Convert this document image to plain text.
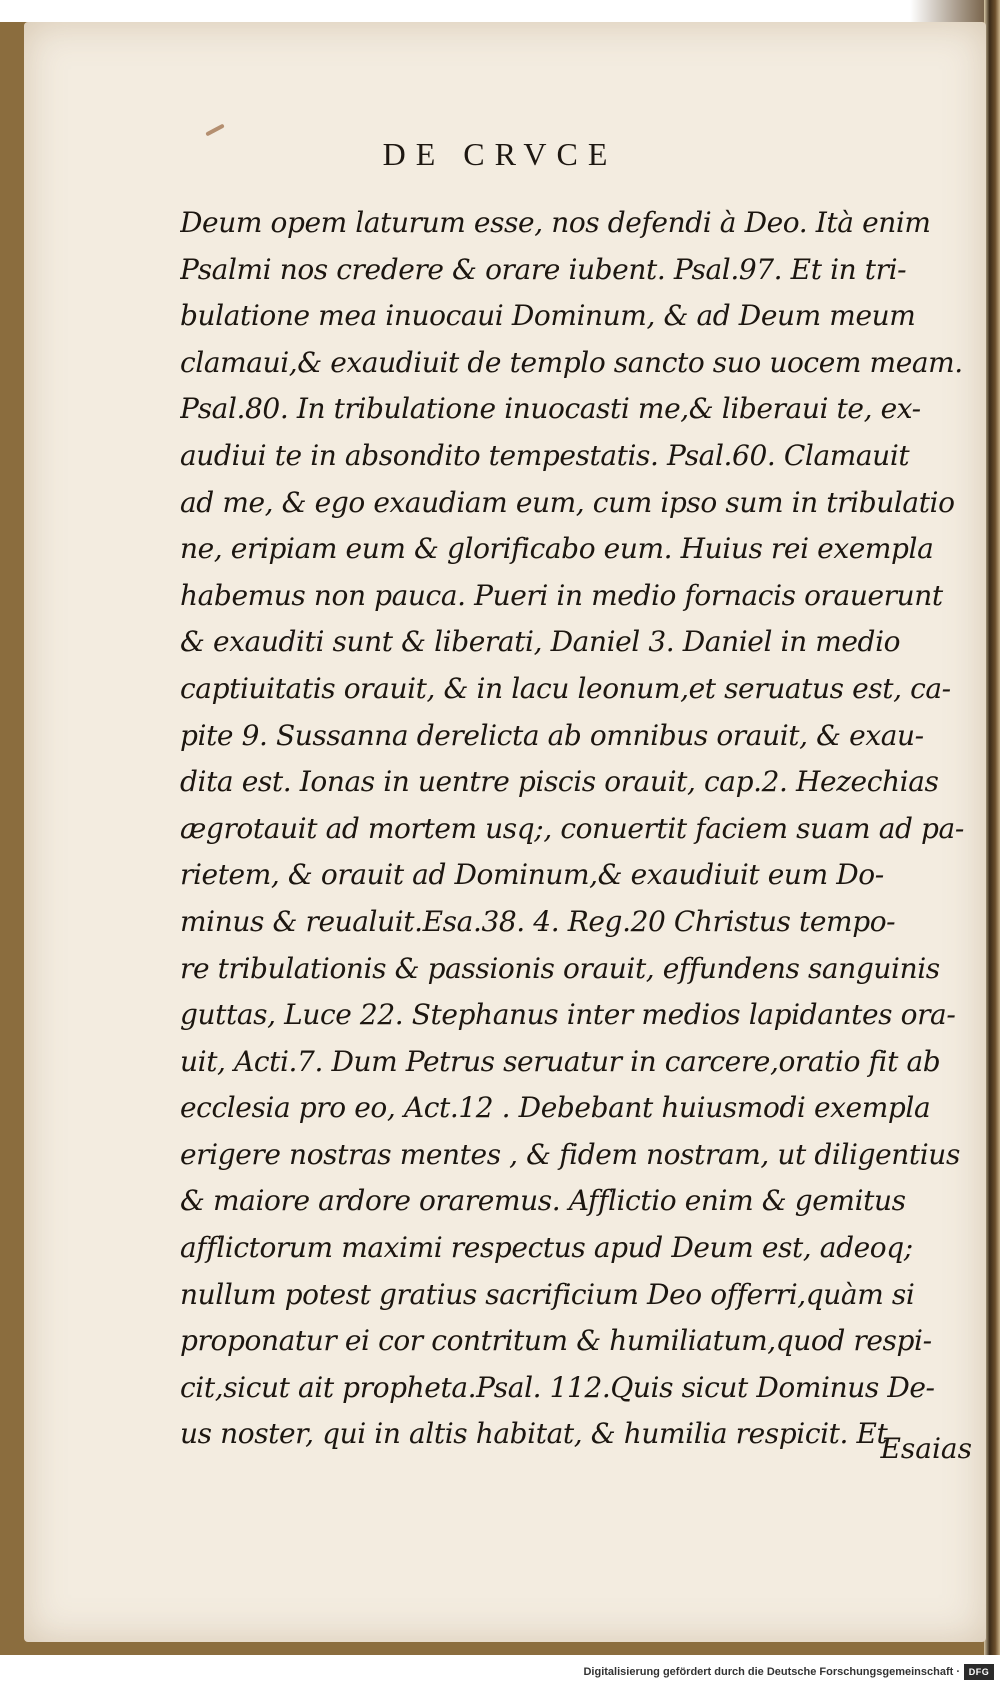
DE CRVCE
Deum opem laturum esse, nos defendi à Deo. Ità enim
Psalmi nos credere & orare iubent. Psal.97. Et in tri-
bulatione mea inuocaui Dominum, & ad Deum meum
clamaui,& exaudiuit de templo sancto suo uocem meam.
Psal.80. In tribulatione inuocasti me,& liberaui te, ex-
audiui te in absondito tempestatis. Psal.60. Clamauit
ad me, & ego exaudiam eum, cum ipso sum in tribulatio
ne, eripiam eum & glorificabo eum. Huius rei exempla
habemus non pauca. Pueri in medio fornacis orauerunt
& exauditi sunt & liberati, Daniel 3. Daniel in medio
captiuitatis orauit, & in lacu leonum,et seruatus est, ca-
pite 9. Sussanna derelicta ab omnibus orauit, & exau-
dita est. Ionas in uentre piscis orauit, cap.2. Hezechias
ægrotauit ad mortem usq;, conuertit faciem suam ad pa-
rietem, & orauit ad Dominum,& exaudiuit eum Do-
minus & reualuit.Esa.38. 4. Reg.20 Christus tempo-
re tribulationis & passionis orauit, effundens sanguinis
guttas, Luce 22. Stephanus inter medios lapidantes ora-
uit, Acti.7. Dum Petrus seruatur in carcere,oratio fit ab
ecclesia pro eo, Act.12 . Debebant huiusmodi exempla
erigere nostras mentes , & fidem nostram, ut diligentius
& maiore ardore oraremus. Afflictio enim & gemitus
afflictorum maximi respectus apud Deum est, adeoq;
nullum potest gratius sacrificium Deo offerri,quàm si
proponatur ei cor contritum & humiliatum,quod respi-
cit,sicut ait propheta.Psal. 112.Quis sicut Dominus De-
us noster, qui in altis habitat, & humilia respicit. Et
Esaias
Digitalisierung gefördert durch die Deutsche Forschungsgemeinschaft · DFG
